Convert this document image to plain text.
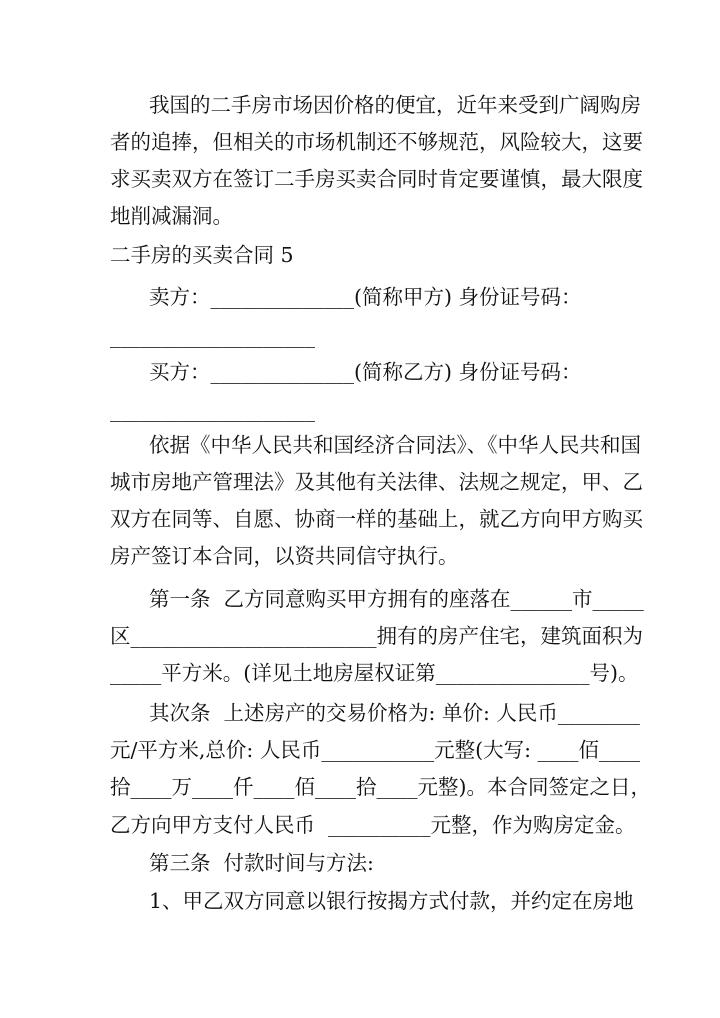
我国的二手房市场因价格的便宜，近年来受到广阔购房
者的追捧，但相关的市场机制还不够规范，风险较大，这要
求买卖双方在签订二手房买卖合同时肯定要谨慎，最大限度
地削减漏洞。
二手房的买卖合同 5
卖方：______________(简称甲方) 身份证号码：
____________________
买方：______________(简称乙方) 身份证号码：
____________________
依据《中华人民共和国经济合同法》、《中华人民共和国
城市房地产管理法》及其他有关法律、法规之规定，甲、乙
双方在同等、自愿、协商一样的基础上，就乙方向甲方购买
房产签订本合同，以资共同信守执行。
第一条  乙方同意购买甲方拥有的座落在______市_____
区________________________拥有的房产住宅，建筑面积为
_____平方米。(详见土地房屋权证第_______________号)。
其次条  上述房产的交易价格为: 单价: 人民币________
元/平方米,总价: 人民币___________元整(大写: ____佰____
拾____万____仟____佰____拾____元整)。本合同签定之日，
乙方向甲方支付人民币  __________元整，作为购房定金。
第三条  付款时间与方法:
1、甲乙双方同意以银行按揭方式付款，并约定在房地
